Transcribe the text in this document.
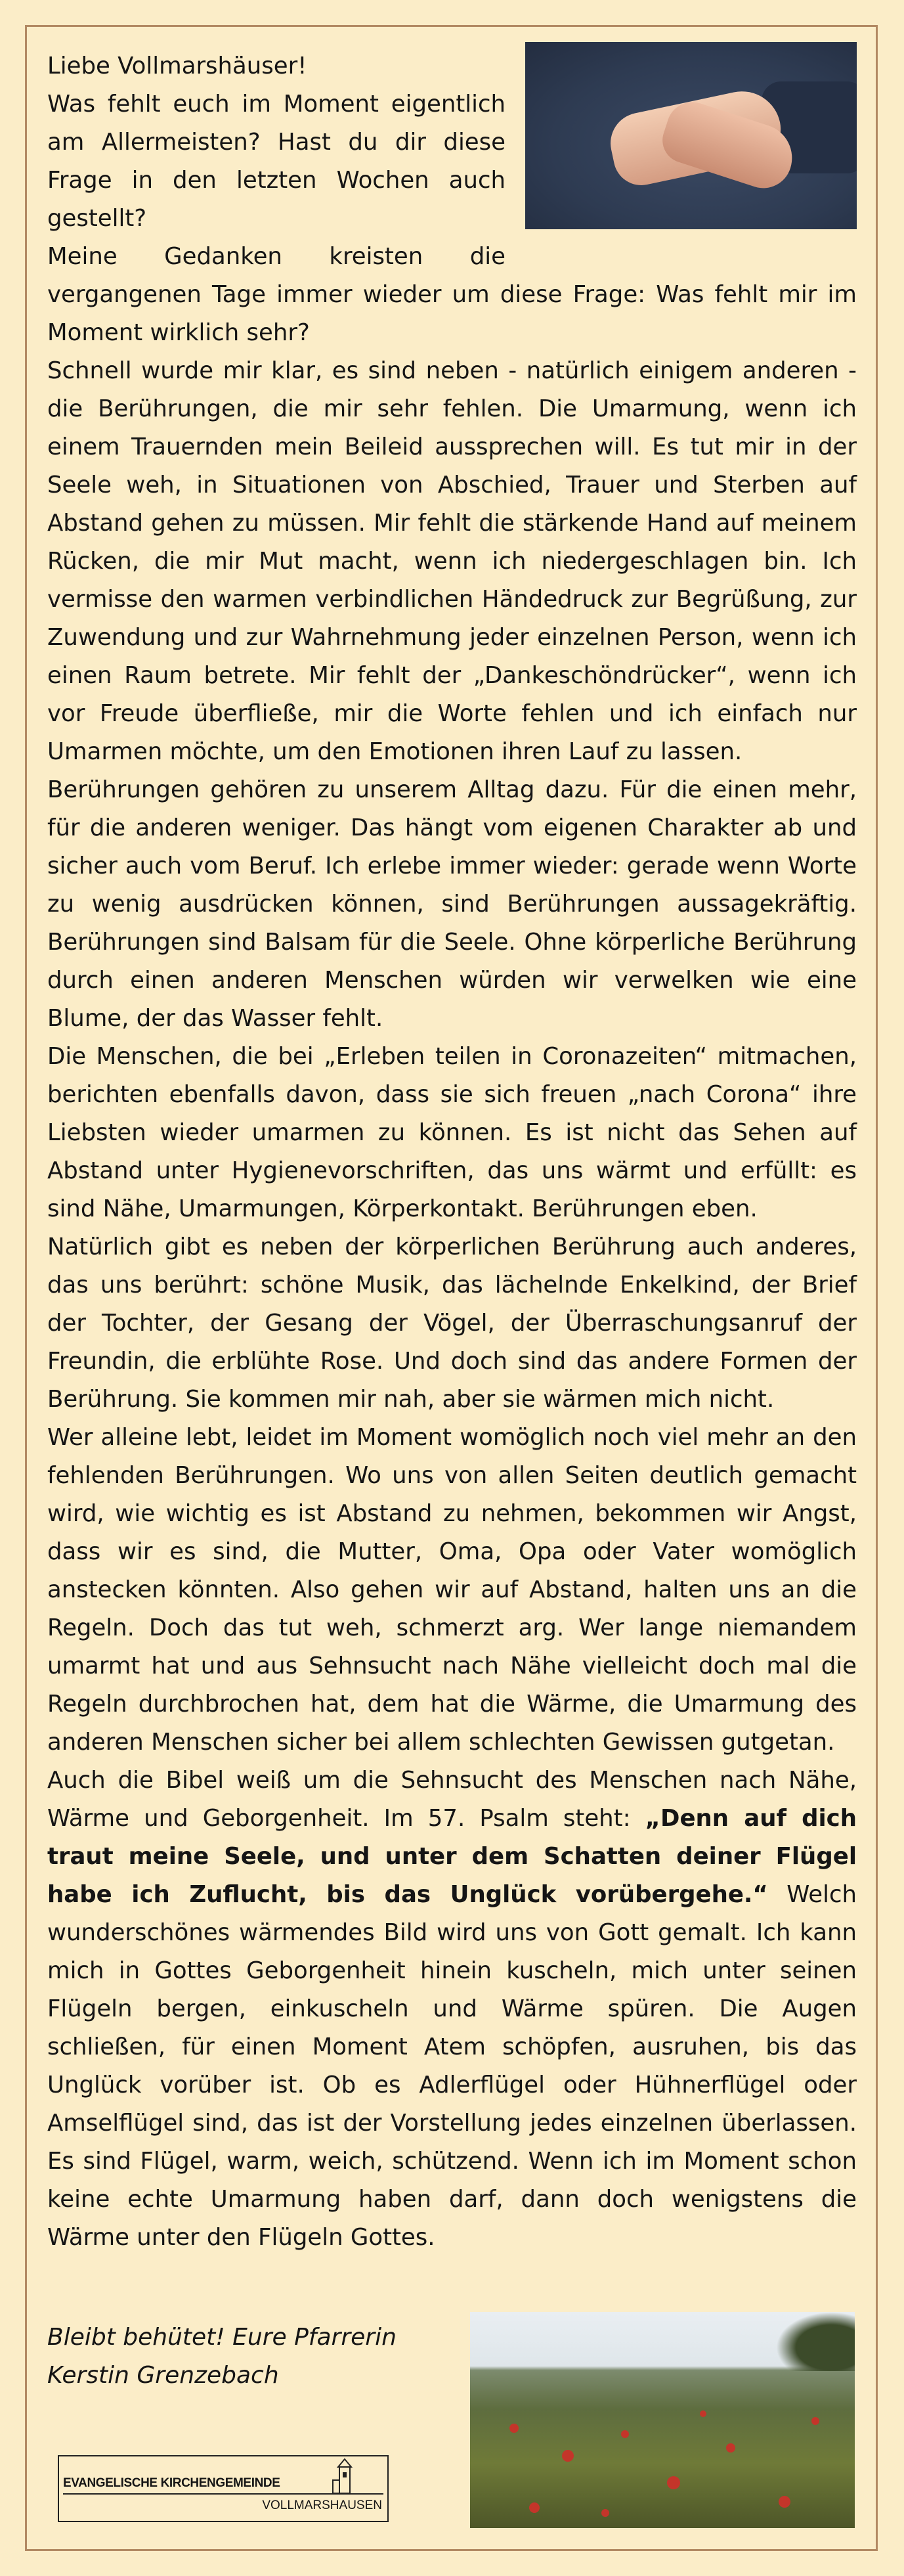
Liebe Vollmarshäuser!

Was fehlt euch im Moment eigentlich am Allermeisten? Hast du dir diese Frage in den letzten Wochen auch gestellt?

Meine Gedanken kreisten die vergangenen Tage immer wieder um diese Frage: Was fehlt mir im Moment wirklich sehr?

Schnell wurde mir klar, es sind neben - natürlich einigem anderen - die Berührungen, die mir sehr fehlen. Die Umarmung, wenn ich einem Trauernden mein Beileid aussprechen will. Es tut mir in der Seele weh, in Situationen von Abschied, Trauer und Sterben auf Abstand gehen zu müssen. Mir fehlt die stärkende Hand auf meinem Rücken, die mir Mut macht, wenn ich niedergeschlagen bin. Ich vermisse den warmen verbindlichen Händedruck zur Begrüßung, zur Zuwendung und zur Wahrnehmung jeder einzelnen Person, wenn ich einen Raum betrete. Mir fehlt der „Dankeschöndrücker“, wenn ich vor Freude überfließe, mir die Worte fehlen und ich einfach nur Umarmen möchte, um den Emotionen ihren Lauf zu lassen.

Berührungen gehören zu unserem Alltag dazu. Für die einen mehr, für die anderen weniger. Das hängt vom eigenen Charakter ab und sicher auch vom Beruf. Ich erlebe immer wieder: gerade wenn Worte zu wenig ausdrücken können, sind Berührungen aussagekräftig. Berührungen sind Balsam für die Seele. Ohne körperliche Berührung durch einen anderen Menschen würden wir verwelken wie eine Blume, der das Wasser fehlt.

Die Menschen, die bei „Erleben teilen in Coronazeiten“ mitmachen, berichten ebenfalls davon, dass sie sich freuen „nach Corona“ ihre Liebsten wieder umarmen zu können. Es ist nicht das Sehen auf Abstand unter Hygienevorschriften, das uns wärmt und erfüllt: es sind Nähe, Umarmungen, Körperkontakt. Berührungen eben.

Natürlich gibt es neben der körperlichen Berührung auch anderes, das uns berührt: schöne Musik, das lächelnde Enkelkind, der Brief der Tochter, der Gesang der Vögel, der Überraschungsanruf der Freundin, die erblühte Rose. Und doch sind das andere Formen der Berührung. Sie kommen mir nah, aber sie wärmen mich nicht.

Wer alleine lebt, leidet im Moment womöglich noch viel mehr an den fehlenden Berührungen. Wo uns von allen Seiten deutlich gemacht wird, wie wichtig es ist Abstand zu nehmen, bekommen wir Angst, dass wir es sind, die Mutter, Oma, Opa oder Vater womöglich anstecken könnten. Also gehen wir auf Abstand, halten uns an die Regeln. Doch das tut weh, schmerzt arg. Wer lange niemandem umarmt hat und aus Sehnsucht nach Nähe vielleicht doch mal die Regeln durchbrochen hat, dem hat die Wärme, die Umarmung des anderen Menschen sicher bei allem schlechten Gewissen gutgetan.

Auch die Bibel weiß um die Sehnsucht des Menschen nach Nähe, Wärme und Geborgenheit. Im 57. Psalm steht: „Denn auf dich traut meine Seele, und unter dem Schatten deiner Flügel habe ich Zuflucht, bis das Unglück vorübergehe.“ Welch wunderschönes wärmendes Bild wird uns von Gott gemalt. Ich kann mich in Gottes Geborgenheit hinein kuscheln, mich unter seinen Flügeln bergen, einkuscheln und Wärme spüren. Die Augen schließen, für einen Moment Atem schöpfen, ausruhen, bis das Unglück vorüber ist. Ob es Adlerflügel oder Hühnerflügel oder Amselflügel sind, das ist der Vorstellung jedes einzelnen überlassen. Es sind Flügel, warm, weich, schützend. Wenn ich im Moment schon keine echte Umarmung haben darf, dann doch wenigstens die Wärme unter den Flügeln Gottes.

Bleibt behütet! Eure Pfarrerin
Kerstin Grenzebach
EVANGELISCHE KIRCHENGEMEINDE
VOLLMARSHAUSEN
